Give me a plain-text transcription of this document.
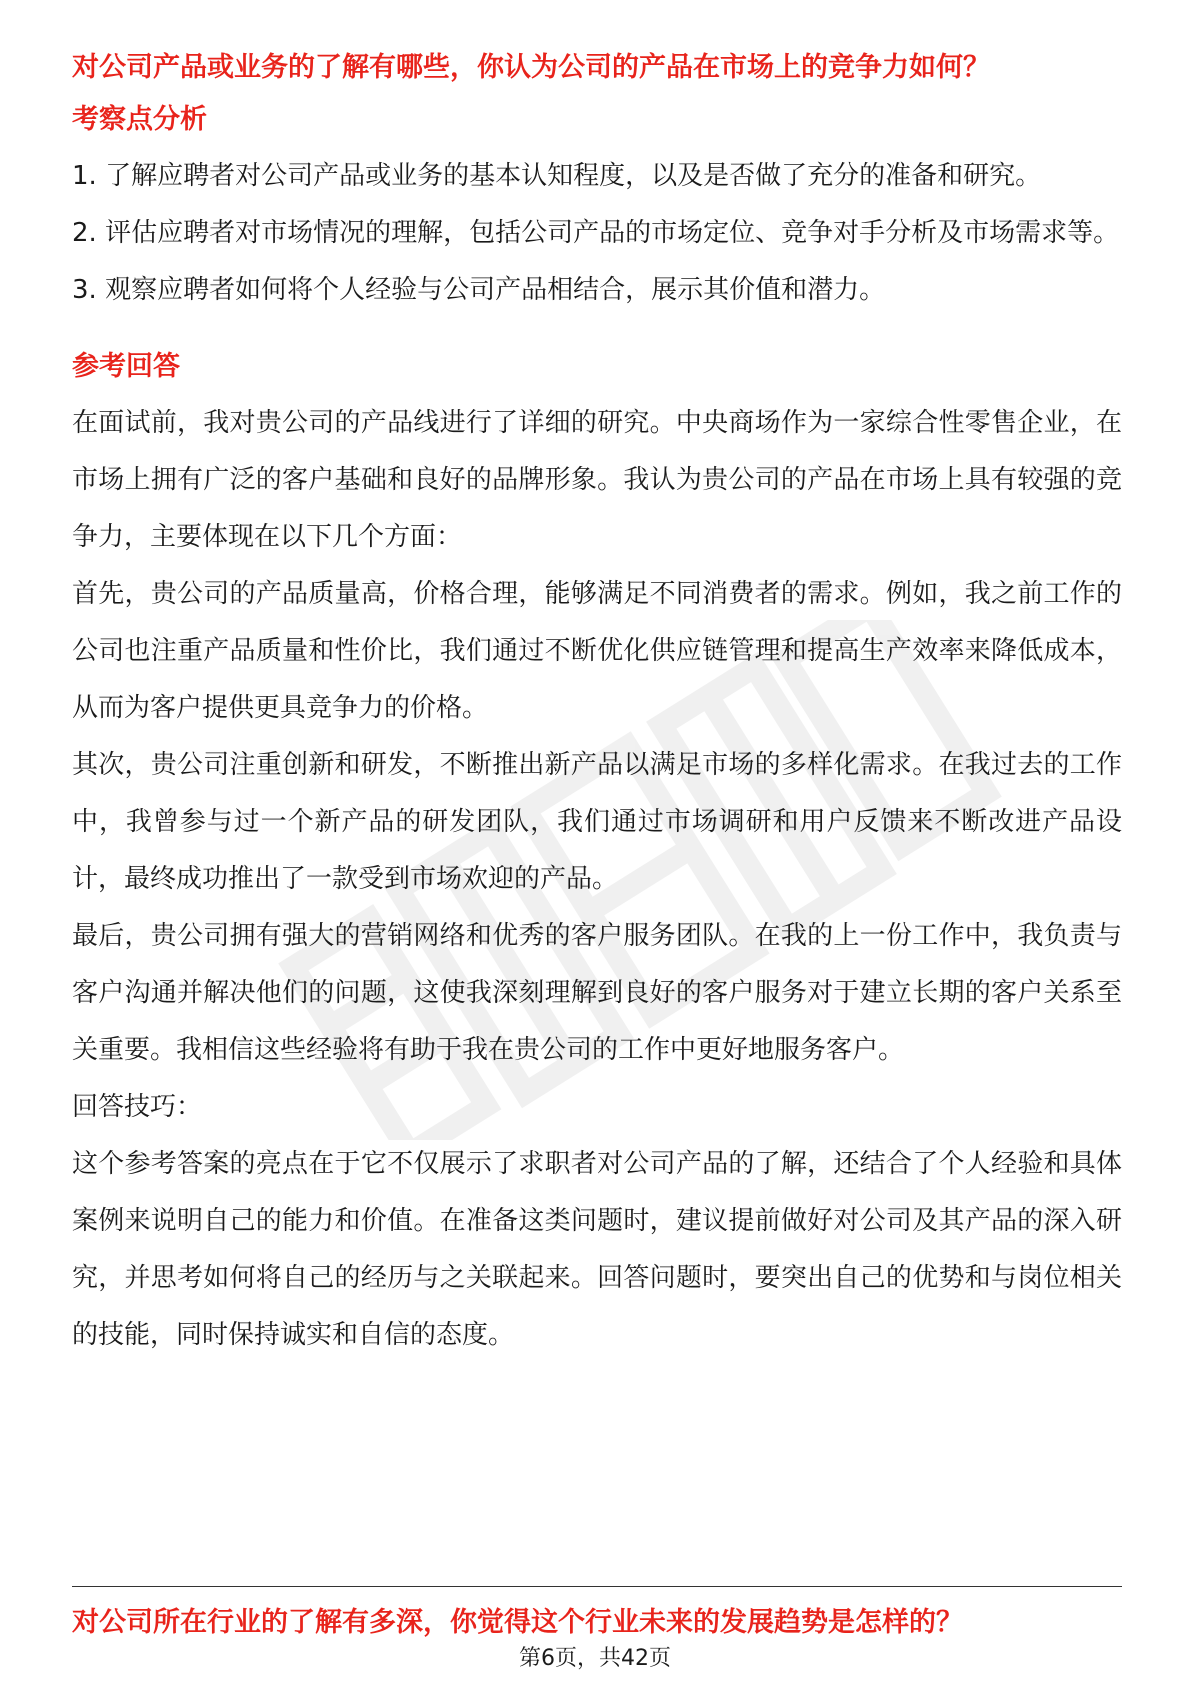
对公司产品或业务的了解有哪些，你认为公司的产品在市场上的竞争力如何？
考察点分析

1. 了解应聘者对公司产品或业务的基本认知程度，以及是否做了充分的准备和研究。

2. 评估应聘者对市场情况的理解，包括公司产品的市场定位、竞争对手分析及市场需求等。

3. 观察应聘者如何将个人经验与公司产品相结合，展示其价值和潜力。

参考回答

在面试前，我对贵公司的产品线进行了详细的研究。中央商场作为一家综合性零售企业，在市场上拥有广泛的客户基础和良好的品牌形象。我认为贵公司的产品在市场上具有较强的竞争力，主要体现在以下几个方面：

首先，贵公司的产品质量高，价格合理，能够满足不同消费者的需求。例如，我之前工作的公司也注重产品质量和性价比，我们通过不断优化供应链管理和提高生产效率来降低成本，从而为客户提供更具竞争力的价格。

其次，贵公司注重创新和研发，不断推出新产品以满足市场的多样化需求。在我过去的工作中，我曾参与过一个新产品的研发团队，我们通过市场调研和用户反馈来不断改进产品设计，最终成功推出了一款受到市场欢迎的产品。

最后，贵公司拥有强大的营销网络和优秀的客户服务团队。在我的上一份工作中，我负责与客户沟通并解决他们的问题，这使我深刻理解到良好的客户服务对于建立长期的客户关系至关重要。我相信这些经验将有助于我在贵公司的工作中更好地服务客户。

回答技巧：

这个参考答案的亮点在于它不仅展示了求职者对公司产品的了解，还结合了个人经验和具体案例来说明自己的能力和价值。在准备这类问题时，建议提前做好对公司及其产品的深入研究，并思考如何将自己的经历与之关联起来。回答问题时，要突出自己的优势和与岗位相关的技能，同时保持诚实和自信的态度。

对公司所在行业的了解有多深，你觉得这个行业未来的发展趋势是怎样的？
第6页，共42页
